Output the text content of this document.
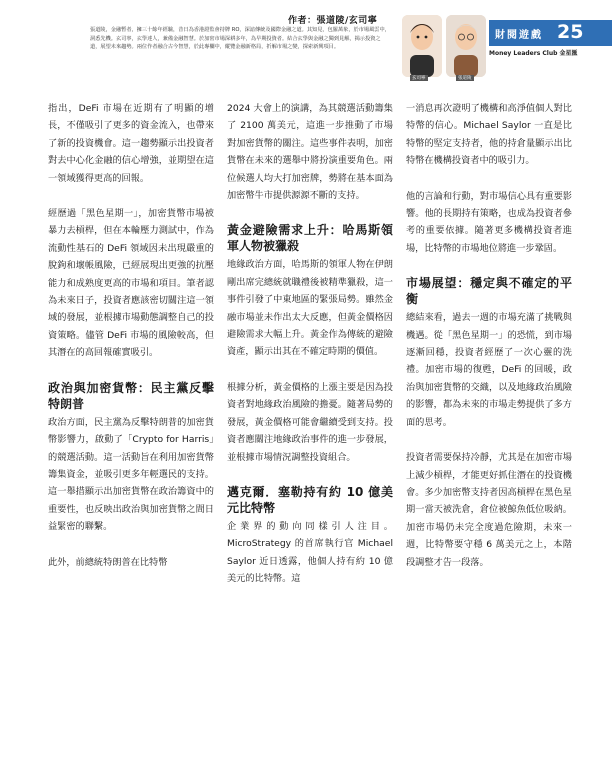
作者：張道陵/玄司寧
張道陵，金融暫者，擁三十餘年經驗，昔日為香港證監會持牌 RO，深諳傳統及國際金融之道。其知見，包羅萬象，於市場風雲中，洞悉先機。玄司寧，玄學達人，兼備金融智慧。於加密市場深耕多年，為早期投資者。結合玄學與金融之獨到見解，揭示投資之道，展望未來趨勢。兩位作者融合古今智慧，於此專欄中，縱覽金融新格局，折解市場之變，探索新興項目。
玄司寧	張道陵
財閱遊戲 25
Money Leaders Club 金星匯

指出，DeFi 市場在近期有了明顯的增長，不僅吸引了更多的資金流入，也帶來了新的投資機會。這一趨勢顯示出投資者對去中心化金融的信心增強，並期望在這一領域獲得更高的回報。

經歷過「黑色星期一」，加密貨幣市場被暴力去槓桿，但在本輪壓力測試中，作為流動性基石的 DeFi 領域因未出現嚴重的脫鉤和壞帳風險，已經展現出更強的抗壓能力和成熟度更高的市場和項目。筆者認為未來日子，投資者應該密切關注這一領域的發展，並根據市場動態調整自己的投資策略。儘管 DeFi 市場的風險較高，但其潛在的高回報確實吸引。

政治與加密貨幣：民主黨反擊特朗普

政治方面，民主黨為反擊特朗普的加密貨幣影響力，啟動了「Crypto for Harris」的競選活動。這一活動旨在利用加密貨幣籌集資金，並吸引更多年輕選民的支持。這一舉措顯示出加密貨幣在政治籌資中的重要性，也反映出政治與加密貨幣之間日益緊密的聯繫。

此外，前總統特朗普在比特幣

2024 大會上的演講，為其競選活動籌集了 2100 萬美元，這進一步推動了市場對加密貨幣的關注。這些事件表明，加密貨幣在未來的選舉中將扮演重要角色。兩位候選人均大打加密牌，勢將在基本面為加密幣牛市提供源源不斷的支持。

黃金避險需求上升：哈馬斯領軍人物被獵殺

地緣政治方面，哈馬斯的領軍人物在伊朗剛出席完總統就職禮後被精準獵殺，這一事件引發了中東地區的緊張局勢。雖然金融市場並未作出太大反應，但黃金價格因避險需求大幅上升。黃金作為傳統的避險資產，顯示出其在不確定時期的價值。

根據分析，黃金價格的上漲主要是因為投資者對地緣政治風險的擔憂。隨著局勢的發展，黃金價格可能會繼續受到支持。投資者應關注地緣政治事件的進一步發展，並根據市場情況調整投資組合。

邁克爾．塞勒持有約 10 億美元比特幣

企業界的動向同樣引人注目。MicroStrategy 的首席執行官 Michael Saylor 近日透露，他個人持有約 10 億美元的比特幣。這

一消息再次證明了機構和高淨值個人對比特幣的信心。Michael Saylor 一直是比特幣的堅定支持者，他的持倉量顯示出比特幣在機構投資者中的吸引力。

他的言論和行動，對市場信心具有重要影響。他的長期持有策略，也成為投資者參考的重要依據。隨著更多機構投資者進場，比特幣的市場地位將進一步鞏固。

市場展望：穩定與不確定的平衡

總結來看，過去一週的市場充滿了挑戰與機遇。從「黑色星期一」的恐慌，到市場逐漸回穩，投資者經歷了一次心靈的洗禮。加密市場的復甦，DeFi 的回暖，政治與加密貨幣的交織，以及地緣政治風險的影響，都為未來的市場走勢提供了多方面的思考。

投資者需要保持冷靜，尤其是在加密市場上減少槓桿，才能更好抓住潛在的投資機會。多少加密幣支持者因高槓桿在黑色星期一當天被洗倉，倉位被鯨魚低位吸納。加密市場仍未完全度過危險期，未來一週，比特幣要守穩 6 萬美元之上，本階段調整才告一段落。
